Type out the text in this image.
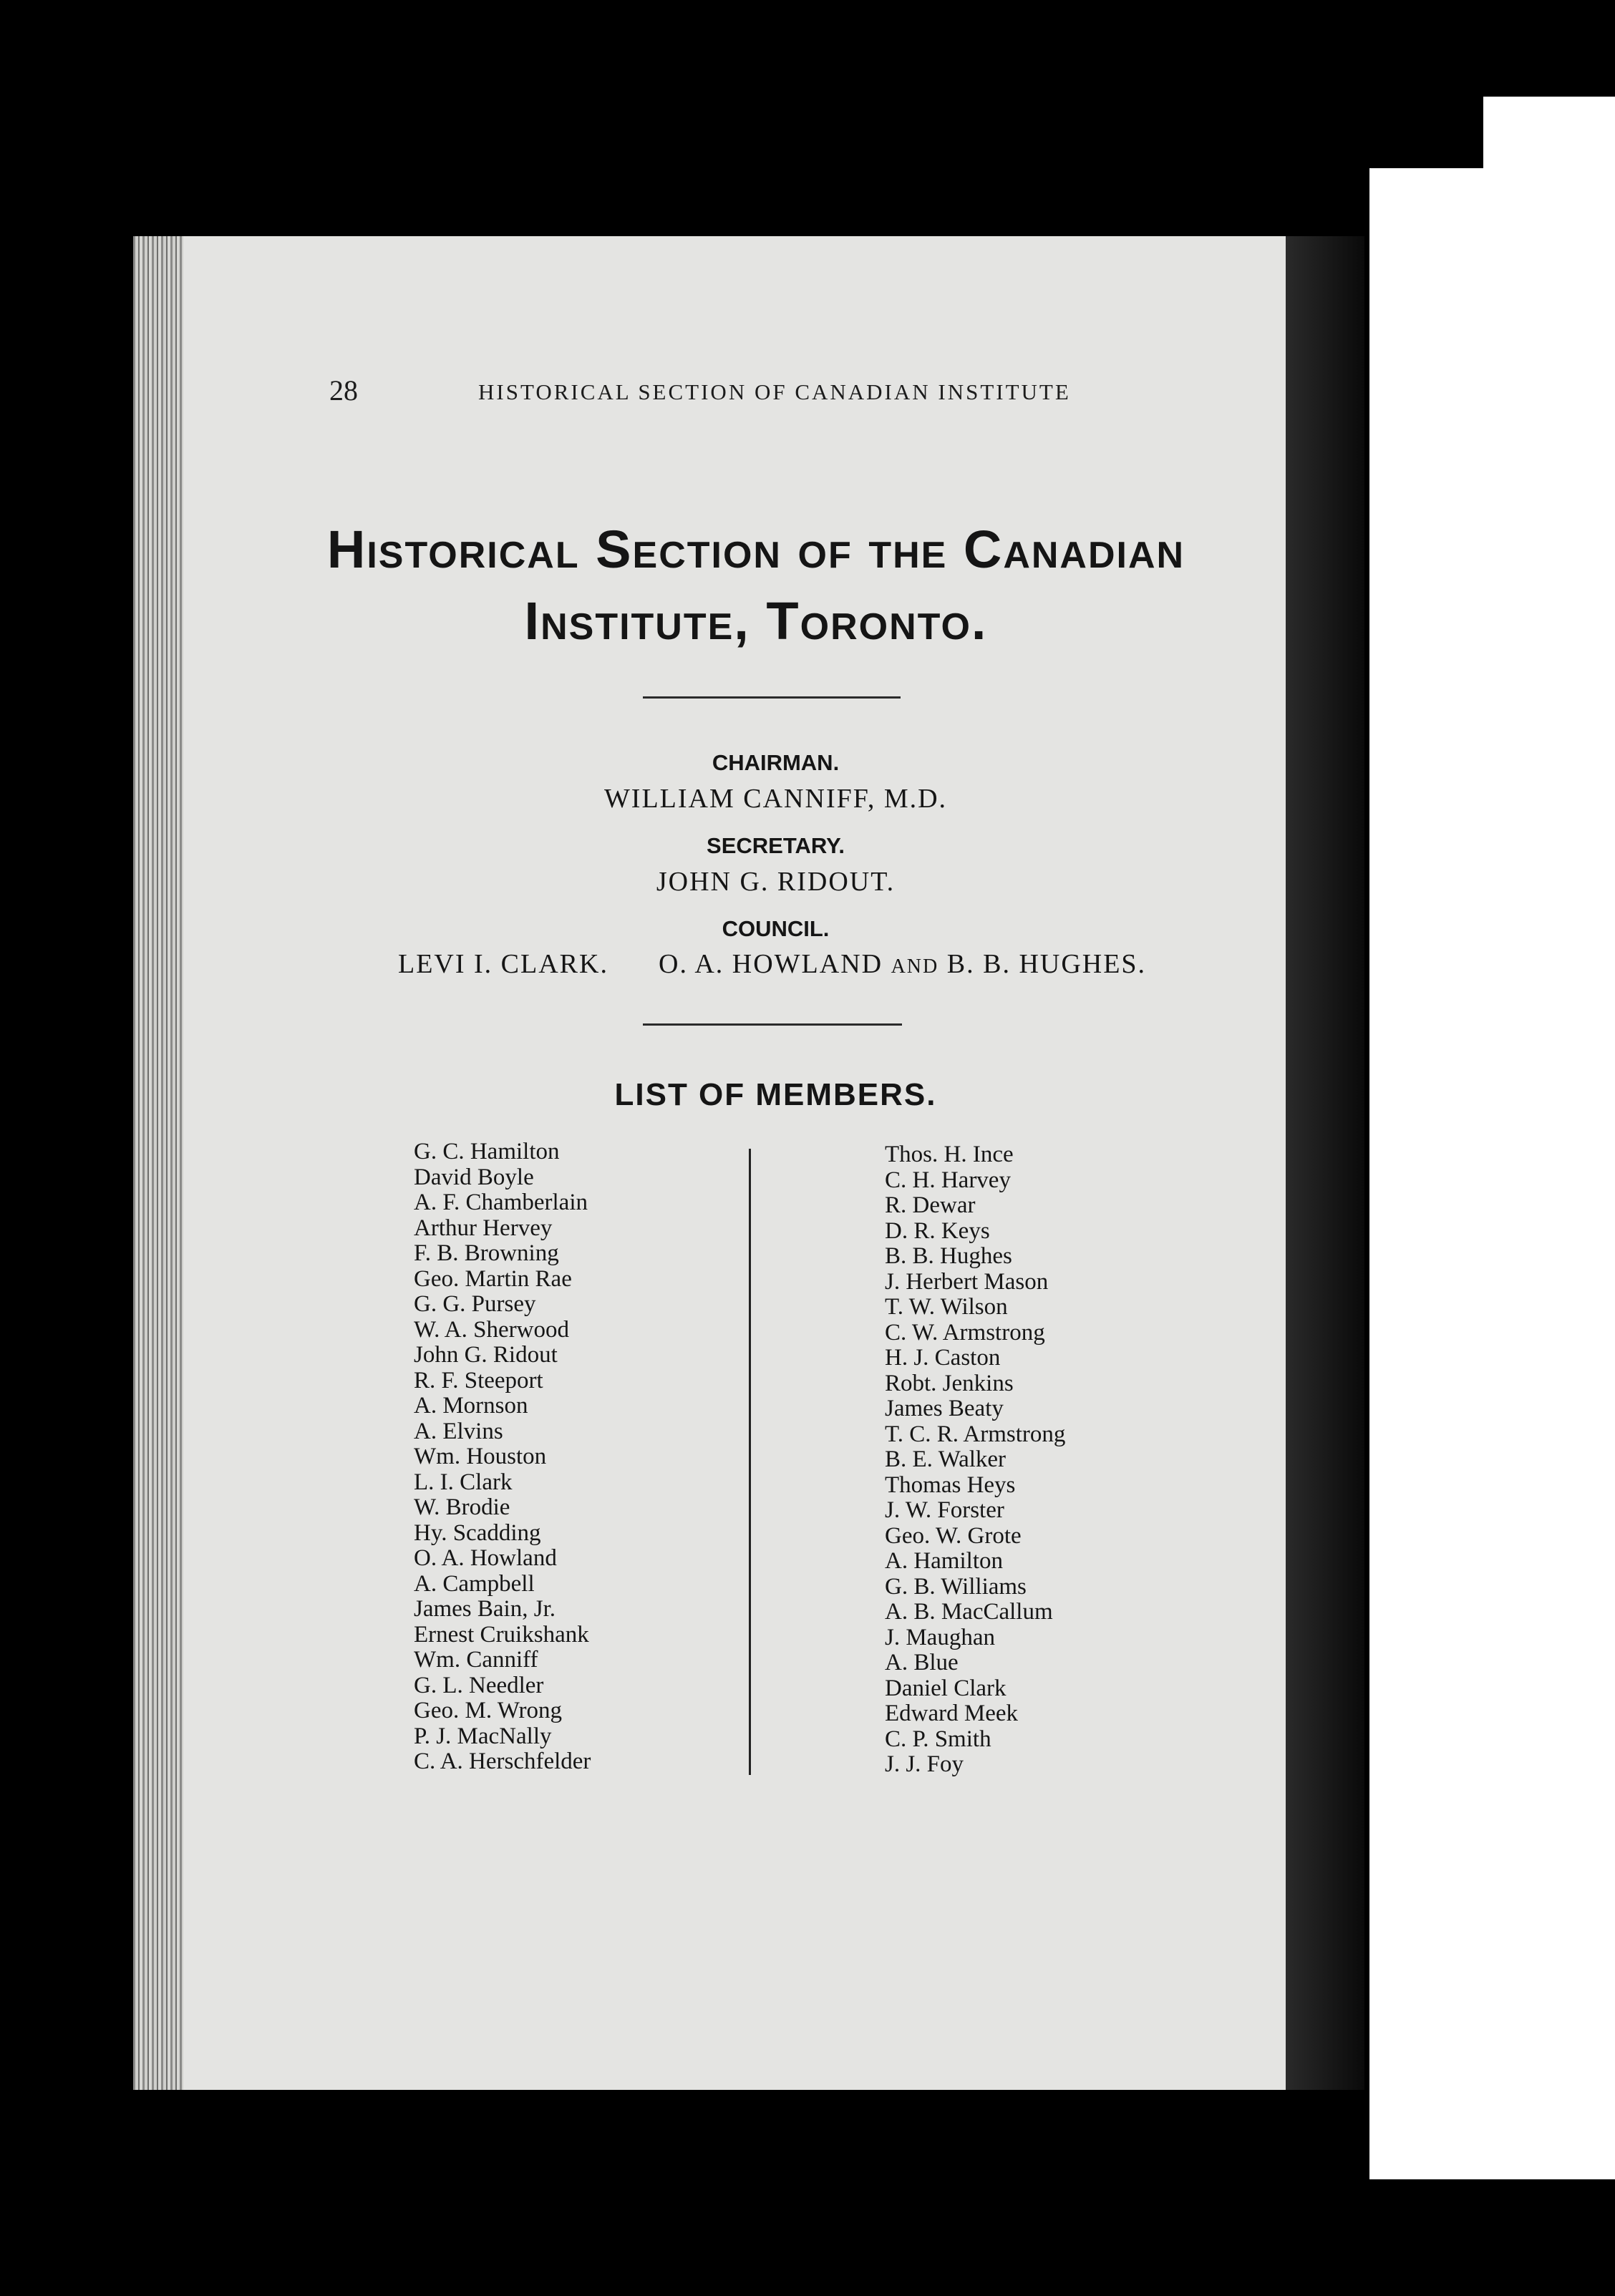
28	HISTORICAL SECTION OF CANADIAN INSTITUTE
Historical Section of the Canadian
Institute, Toronto.
CHAIRMAN.
WILLIAM CANNIFF, M.D.
SECRETARY.
JOHN G. RIDOUT.
COUNCIL.
LEVI I. CLARK. O. A. HOWLAND AND B. B. HUGHES.
LIST OF MEMBERS.
G. C. Hamilton
David Boyle
A. F. Chamberlain
Arthur Hervey
F. B. Browning
Geo. Martin Rae
G. G. Pursey
W. A. Sherwood
John G. Ridout
R. F. Steeport
A. Mornson
A. Elvins
Wm. Houston
L. I. Clark
W. Brodie
Hy. Scadding
O. A. Howland
A. Campbell
James Bain, Jr.
Ernest Cruikshank
Wm. Canniff
G. L. Needler
Geo. M. Wrong
P. J. MacNally
C. A. Herschfelder
Thos. H. Ince
C. H. Harvey
R. Dewar
D. R. Keys
B. B. Hughes
J. Herbert Mason
T. W. Wilson
C. W. Armstrong
H. J. Caston
Robt. Jenkins
James Beaty
T. C. R. Armstrong
B. E. Walker
Thomas Heys
J. W. Forster
Geo. W. Grote
A. Hamilton
G. B. Williams
A. B. MacCallum
J. Maughan
A. Blue
Daniel Clark
Edward Meek
C. P. Smith
J. J. Foy
